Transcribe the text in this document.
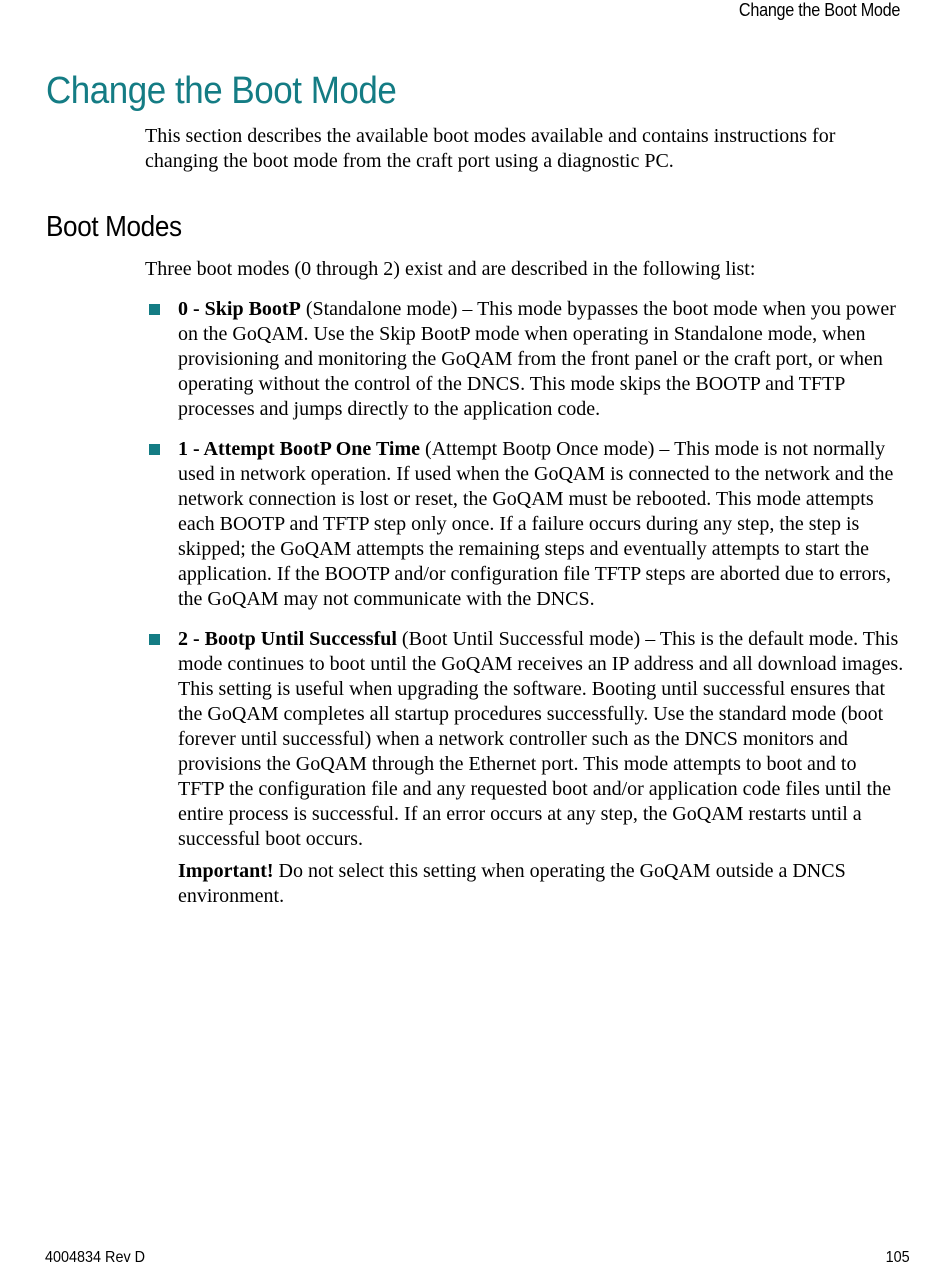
Change the Boot Mode
Change the Boot Mode

This section describes the available boot modes available and contains instructions for changing the boot mode from the craft port using a diagnostic PC.

Boot Modes

Three boot modes (0 through 2) exist and are described in the following list:

0 - Skip BootP (Standalone mode) – This mode bypasses the boot mode when you power on the GoQAM. Use the Skip BootP mode when operating in Standalone mode, when provisioning and monitoring the GoQAM from the front panel or the craft port, or when operating without the control of the DNCS. This mode skips the BOOTP and TFTP processes and jumps directly to the application code.
1 - Attempt BootP One Time (Attempt Bootp Once mode) – This mode is not normally used in network operation. If used when the GoQAM is connected to the network and the network connection is lost or reset, the GoQAM must be rebooted. This mode attempts each BOOTP and TFTP step only once. If a failure occurs during any step, the step is skipped; the GoQAM attempts the remaining steps and eventually attempts to start the application. If the BOOTP and/or configuration file TFTP steps are aborted due to errors, the GoQAM may not communicate with the DNCS.
2 - Bootp Until Successful (Boot Until Successful mode) – This is the default mode. This mode continues to boot until the GoQAM receives an IP address and all download images. This setting is useful when upgrading the software. Booting until successful ensures that the GoQAM completes all startup procedures successfully. Use the standard mode (boot forever until successful) when a network controller such as the DNCS monitors and provisions the GoQAM through the Ethernet port. This mode attempts to boot and to TFTP the configuration file and any requested boot and/or application code files until the entire process is successful. If an error occurs at any step, the GoQAM restarts until a successful boot occurs.

Important! Do not select this setting when operating the GoQAM outside a DNCS environment.

4004834 Rev D	105
